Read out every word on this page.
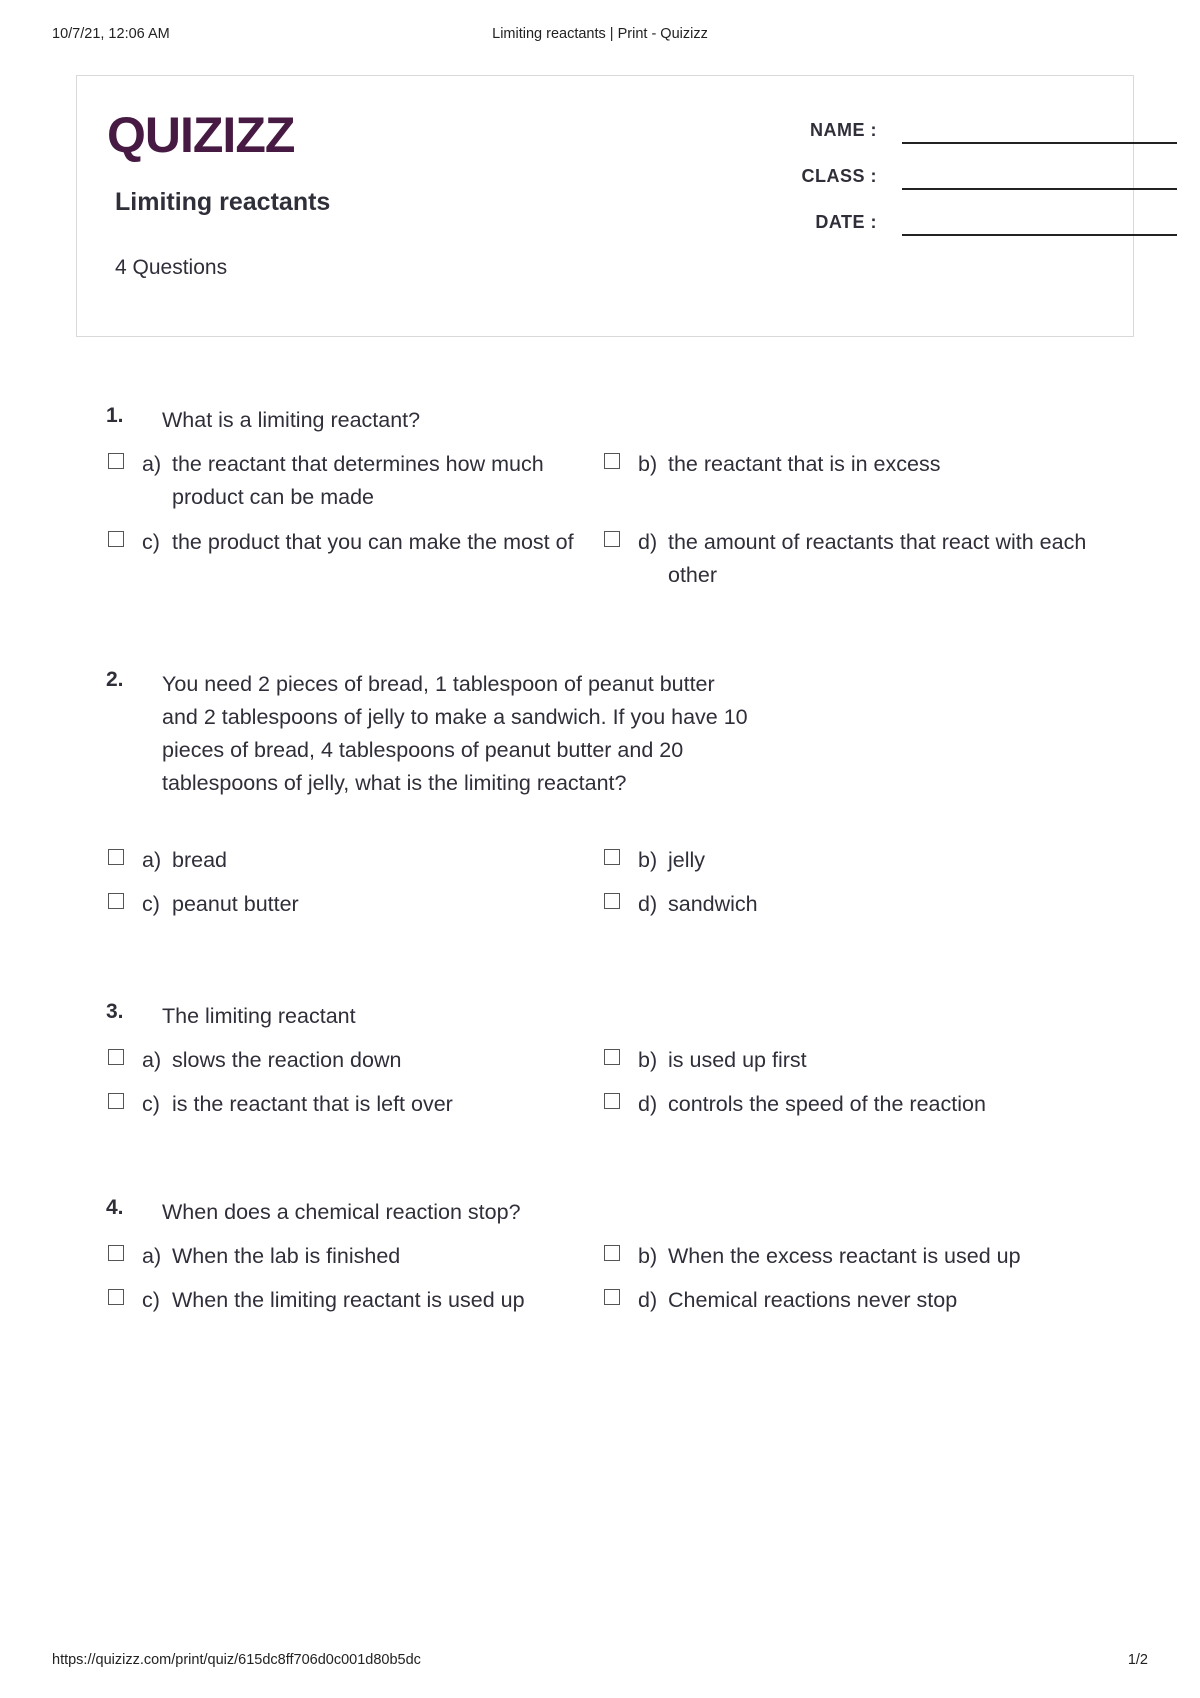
10/7/21, 12:06 AM	Limiting reactants | Print - Quizizz
QUIZIZZ
Limiting reactants
4 Questions
NAME :
CLASS :
DATE :
1. What is a limiting reactant?
a) the reactant that determines how much product can be made
b) the reactant that is in excess
c) the product that you can make the most of	d) the amount of reactants that react with each other
2. You need 2 pieces of bread, 1 tablespoon of peanut butter and 2 tablespoons of jelly to make a sandwich. If you have 10 pieces of bread, 4 tablespoons of peanut butter and 20 tablespoons of jelly, what is the limiting reactant?
a) bread	b) jelly
c) peanut butter	d) sandwich
3. The limiting reactant
a) slows the reaction down	b) is used up first
c) is the reactant that is left over	d) controls the speed of the reaction
4. When does a chemical reaction stop?
a) When the lab is finished	b) When the excess reactant is used up
c) When the limiting reactant is used up	d) Chemical reactions never stop
https://quizizz.com/print/quiz/615dc8ff706d0c001d80b5dc	1/2
